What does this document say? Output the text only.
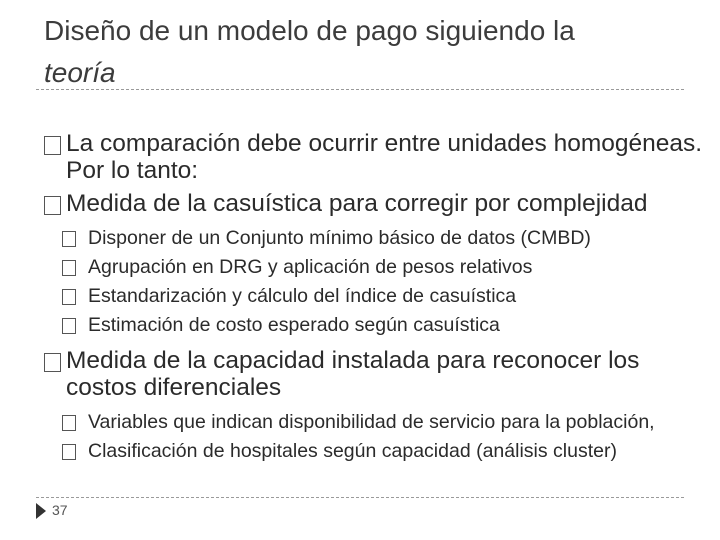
Diseño de un modelo de pago siguiendo la
teoría
La comparación debe ocurrir entre unidades homogéneas. Por lo tanto:
Medida de la casuística para corregir por complejidad
Disponer de un Conjunto mínimo básico de datos (CMBD)
Agrupación en DRG y aplicación de pesos relativos
Estandarización y cálculo del índice de casuística
Estimación de costo esperado según casuística
Medida de la capacidad instalada para reconocer los costos diferenciales
Variables que indican disponibilidad de servicio para la población,
Clasificación de hospitales según capacidad (análisis cluster)
37
